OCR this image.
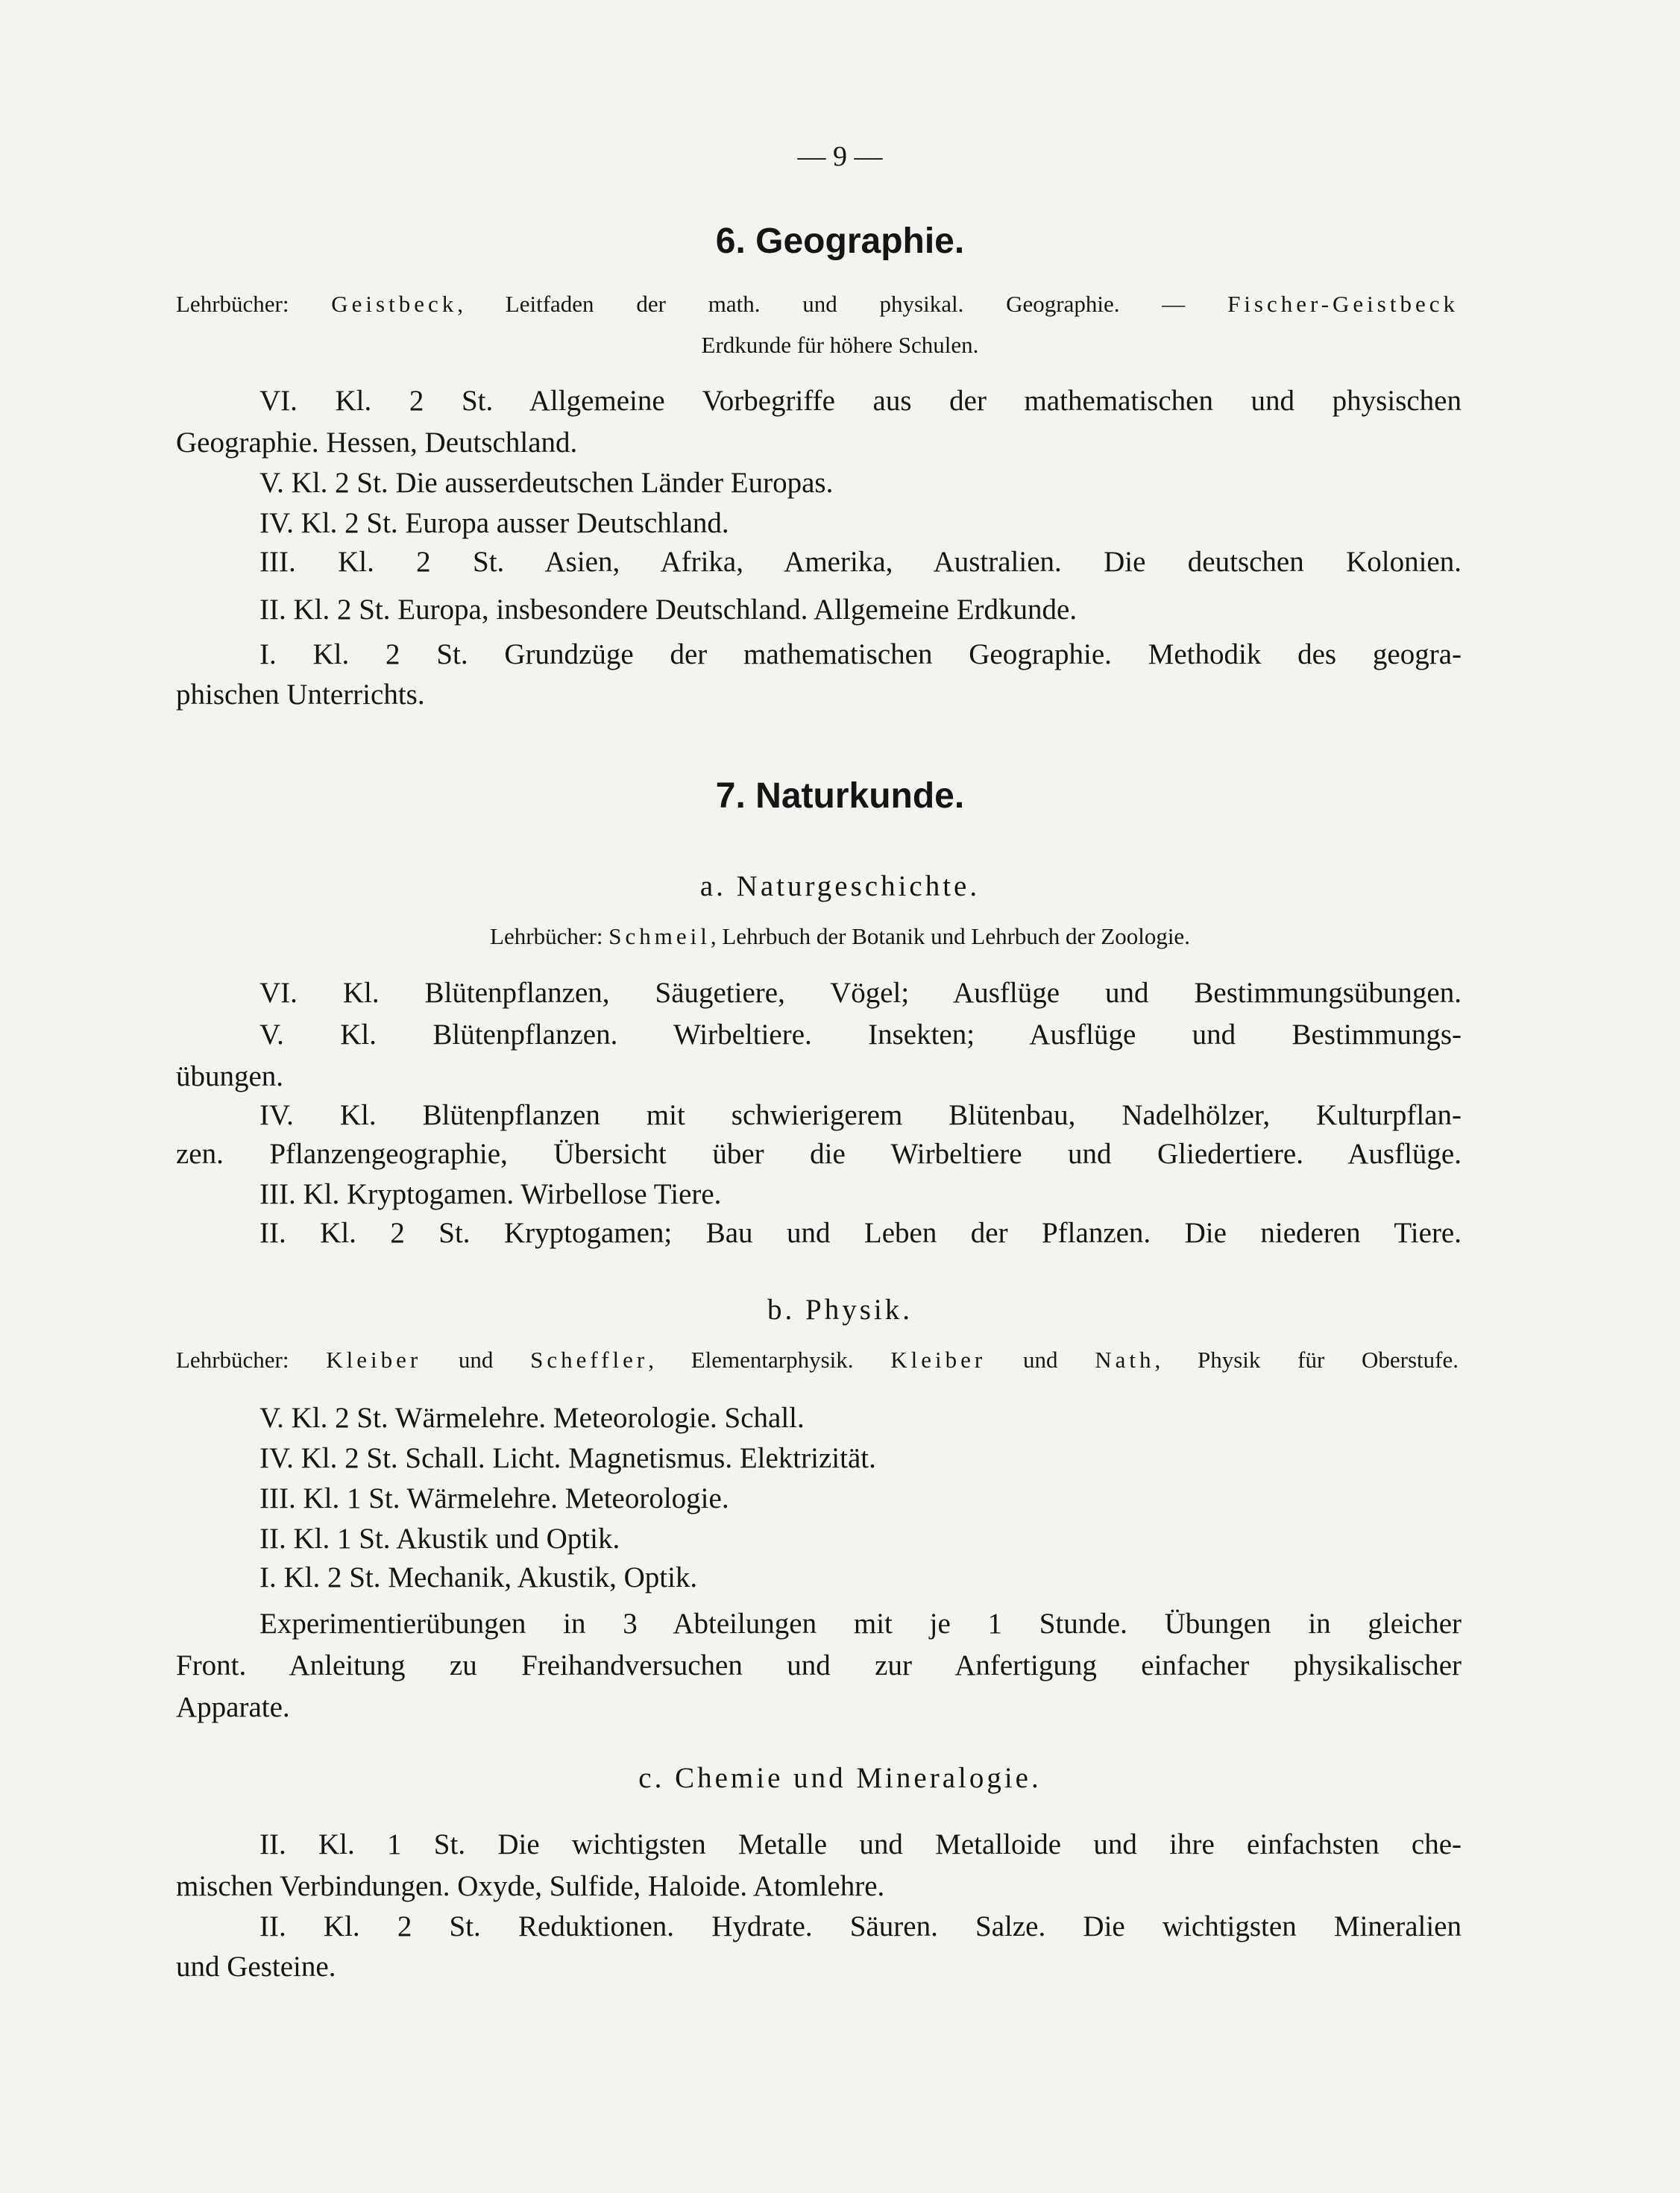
— 9 —
6. Geographie.
Lehrbücher: Geistbeck, Leitfaden der math. und physikal. Geographie. — Fischer-Geistbeck
Erdkunde für höhere Schulen.
VI. Kl. 2 St. Allgemeine Vorbegriffe aus der mathematischen und physischen
Geographie. Hessen, Deutschland.
V. Kl. 2 St. Die ausserdeutschen Länder Europas.
IV. Kl. 2 St. Europa ausser Deutschland.
III. Kl. 2 St. Asien, Afrika, Amerika, Australien. Die deutschen Kolonien.
II. Kl. 2 St. Europa, insbesondere Deutschland. Allgemeine Erdkunde.
I. Kl. 2 St. Grundzüge der mathematischen Geographie. Methodik des geogra-
phischen Unterrichts.
7. Naturkunde.
a. Naturgeschichte.
Lehrbücher: Schmeil, Lehrbuch der Botanik und Lehrbuch der Zoologie.
VI. Kl. Blütenpflanzen, Säugetiere, Vögel; Ausflüge und Bestimmungsübungen.
V. Kl. Blütenpflanzen. Wirbeltiere. Insekten; Ausflüge und Bestimmungs-
übungen.
IV. Kl. Blütenpflanzen mit schwierigerem Blütenbau, Nadelhölzer, Kulturpflan-
zen. Pflanzengeographie, Übersicht über die Wirbeltiere und Gliedertiere. Ausflüge.
III. Kl. Kryptogamen. Wirbellose Tiere.
II. Kl. 2 St. Kryptogamen; Bau und Leben der Pflanzen. Die niederen Tiere.
b. Physik.
Lehrbücher: Kleiber und Scheffler, Elementarphysik. Kleiber und Nath, Physik für Oberstufe.
V. Kl. 2 St. Wärmelehre. Meteorologie. Schall.
IV. Kl. 2 St. Schall. Licht. Magnetismus. Elektrizität.
III. Kl. 1 St. Wärmelehre. Meteorologie.
II. Kl. 1 St. Akustik und Optik.
I. Kl. 2 St. Mechanik, Akustik, Optik.
Experimentierübungen in 3 Abteilungen mit je 1 Stunde. Übungen in gleicher
Front. Anleitung zu Freihandversuchen und zur Anfertigung einfacher physikalischer
Apparate.
c. Chemie und Mineralogie.
II. Kl. 1 St. Die wichtigsten Metalle und Metalloide und ihre einfachsten che-
mischen Verbindungen. Oxyde, Sulfide, Haloide. Atomlehre.
II. Kl. 2 St. Reduktionen. Hydrate. Säuren. Salze. Die wichtigsten Mineralien
und Gesteine.
